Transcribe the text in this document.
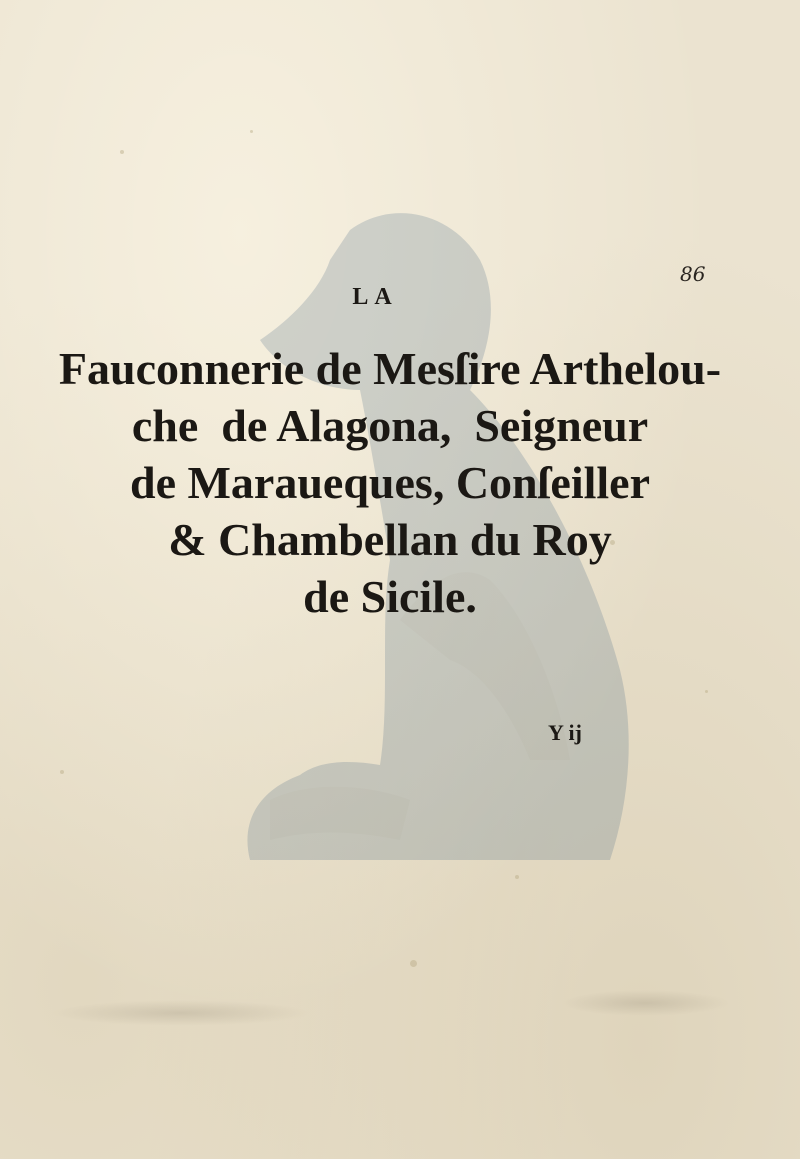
86
LA
Fauconnerie de Mesſire Arthelou-
che  de Alagona,  Seigneur
de Maraueques, Conſeiller
& Chambellan du Roy
de Sicile.
Y ij
